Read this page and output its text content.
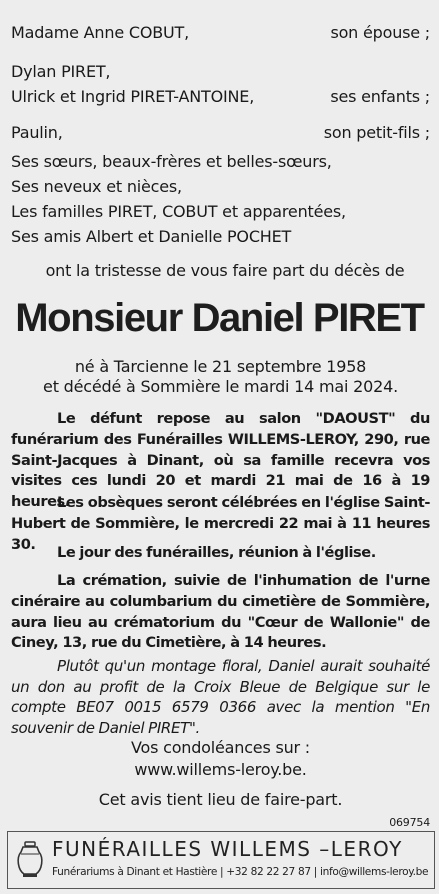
Madame Anne COBUT,	son épouse ;
Dylan PIRET,
Ulrick et Ingrid PIRET-ANTOINE,	ses enfants ;
Paulin,	son petit-fils ;
Ses sœurs, beaux-frères et belles-sœurs,
Ses neveux et nièces,
Les familles PIRET, COBUT et apparentées,
Ses amis Albert et Danielle POCHET
ont la tristesse de vous faire part du décès de
Monsieur Daniel PIRET
né à Tarcienne le 21 septembre 1958
et décédé à Sommière le mardi 14 mai 2024.
Le défunt repose au salon "DAOUST" du funérarium des Funérailles WILLEMS-LEROY, 290, rue Saint-Jacques à Dinant, où sa famille recevra vos visites ces lundi 20 et mardi 21 mai de 16 à 19 heures.
Les obsèques seront célébrées en l'église Saint-Hubert de Sommière, le mercredi 22 mai à 11 heures 30.	Le jour des funérailles, réunion à l'église.
La crémation, suivie de l'inhumation de l'urne cinéraire au columbarium du cimetière de Sommière, aura lieu au crématorium du "Cœur de Wallonie" de Ciney, 13, rue du Cimetière, à 14 heures.
Plutôt qu'un montage floral, Daniel aurait souhaité un don au profit de la Croix Bleue de Belgique sur le compte BE07 0015 6579 0366 avec la mention "En souvenir de Daniel PIRET".
Vos condoléances sur :
www.willems-leroy.be.
Cet avis tient lieu de faire-part.
069754
FUNÉRAILLES WILLEMS –LEROY
Funérariums à Dinant et Hastière | +32 82 22 27 87 | info@willems-leroy.be
